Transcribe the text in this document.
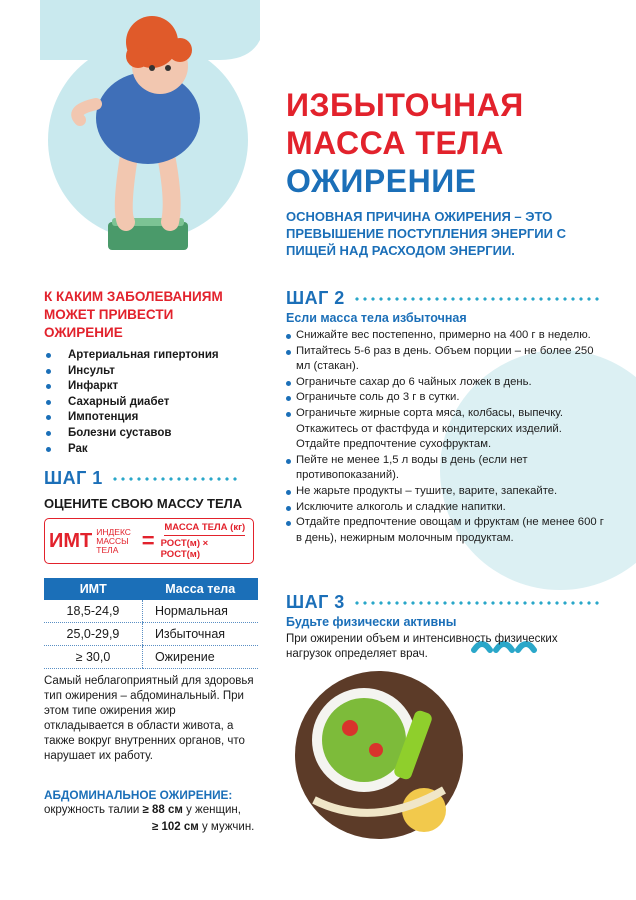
ИЗБЫТОЧНАЯ
МАССА ТЕЛА
ОЖИРЕНИЕ
ОСНОВНАЯ ПРИЧИНА ОЖИРЕНИЯ – ЭТО ПРЕВЫШЕНИЕ ПОСТУПЛЕНИЯ ЭНЕРГИИ С ПИЩЕЙ НАД РАСХОДОМ ЭНЕРГИИ.
К КАКИМ ЗАБОЛЕВАНИЯМ
МОЖЕТ ПРИВЕСТИ
ОЖИРЕНИЕ
Артериальная гипертония
Инсульт
Инфаркт
Сахарный диабет
Импотенция
Болезни суставов
Рак
ШАГ 1
ОЦЕНИТЕ СВОЮ МАССУ ТЕЛА
ИМТ ИНДЕКС
МАССЫ
ТЕЛА	= $\frac{\text{МАССА ТЕЛА (кг)}}{\text{РОСТ(м) × РОСТ(м)}}$
ИМТ	Масса тела
18,5-24,9	Нормальная
25,0-29,9	Избыточная
≥ 30,0	Ожирение
Самый неблагоприятный для здоровья тип ожирения – абдоминальный. При этом типе ожирения жир откладывается в области живота, а также вокруг внутренних органов, что нарушает их работу.
АБДОМИНАЛЬНОЕ ОЖИРЕНИЕ:
окружность талии ≥ 88 см у женщин,
≥ 102 см у мужчин.
ШАГ 2
Если масса тела избыточная
Снижайте вес постепенно, примерно на 400 г в неделю.
Питайтесь 5-6 раз в день. Объем порции – не более 250 мл (стакан).
Ограничьте сахар до 6 чайных ложек в день.
Ограничьте соль до 3 г в сутки.
Ограничьте жирные сорта мяса, колбасы, выпечку. Откажитесь от фастфуда и кондитерских изделий. Отдайте предпочтение сухофруктам.
Пейте не менее 1,5 л воды в день (если нет противопоказаний).
Не жарьте продукты – тушите, варите, запекайте.
Исключите алкоголь и сладкие напитки.
Отдайте предпочтение овощам и фруктам (не менее 600 г в день), нежирным молочным продуктам.
ШАГ 3
Будьте физически активны
При ожирении объем и интенсивность физических нагрузок определяет врач.
